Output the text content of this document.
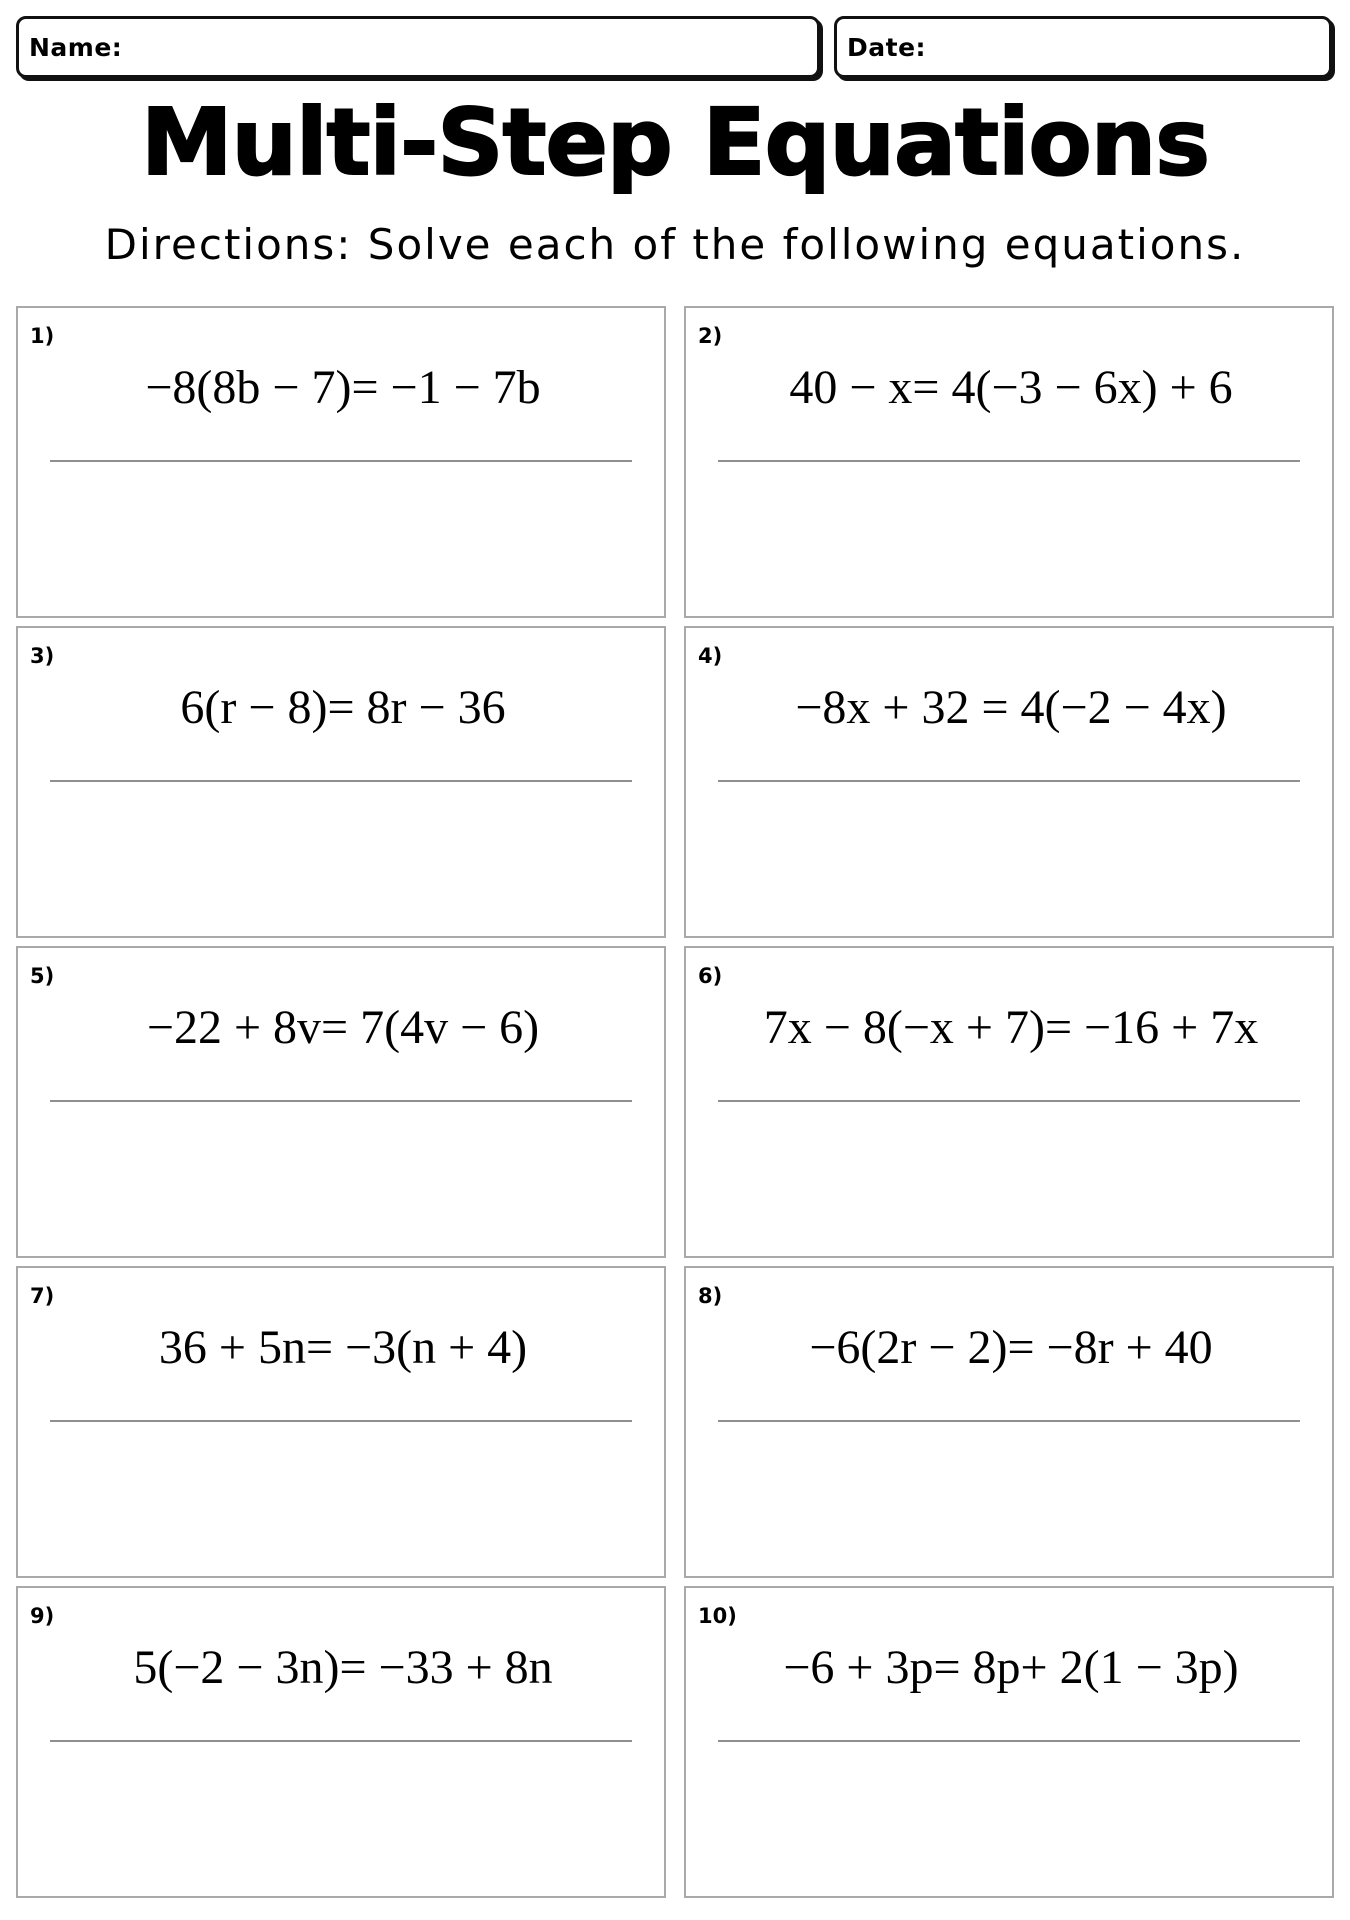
Name:	Date:
Multi-Step Equations
Directions: Solve each of the following equations.
1)
−8(8b − 7)= −1 − 7b
2)
40 − x= 4(−3 − 6x) + 6
3)
6(r − 8)= 8r − 36
4)
−8x + 32 = 4(−2 − 4x)
5)
−22 + 8v= 7(4v − 6)
6)
7x − 8(−x + 7)= −16 + 7x
7)
36 + 5n= −3(n + 4)
8)
−6(2r − 2)= −8r + 40
9)
5(−2 − 3n)= −33 + 8n
10)
−6 + 3p= 8p+ 2(1 − 3p)
